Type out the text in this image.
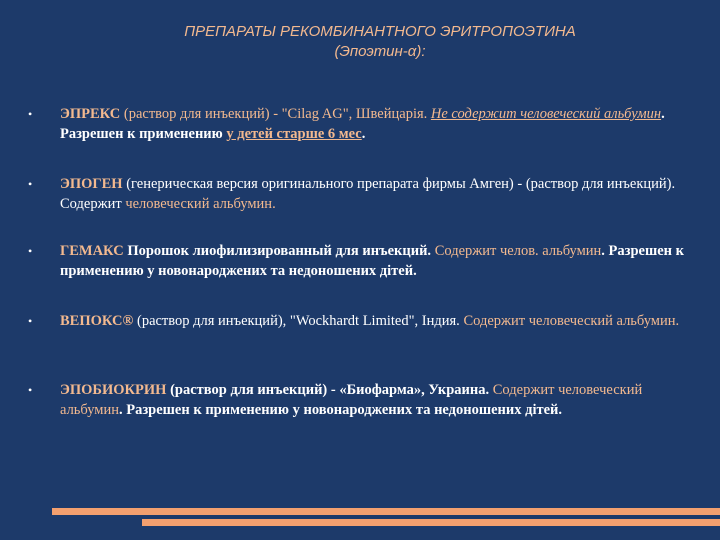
ПРЕПАРАТЫ РЕКОМБИНАНТНОГО ЭРИТРОПОЭТИНА
(Эпоэтин-α):
• ЭПРЕКС (раствор для инъекций) - "Cilag AG", Швейцарія. Не содержит человеческий альбумин. Разрешен к применению у детей старше 6 мес.
• ЭПОГЕН (генерическая версия оригинального препарата фирмы Амген) - (раствор для инъекций). Содержит человеческий альбумин.
• ГЕМАКС Порошок лиофилизированный для инъекций. Содержит челов. альбумин. Разрешен к применению у новонароджених та недоношених дітей.
• ВЕПОКС® (раствор для инъекций), "Wockhardt Limited", Індия. Содержит человеческий альбумин.
• ЭПОБИОКРИН (раствор для инъекций) - «Биофарма», Украина. Содержит человеческий альбумин. Разрешен к применению у новонароджених та недоношених дітей.
